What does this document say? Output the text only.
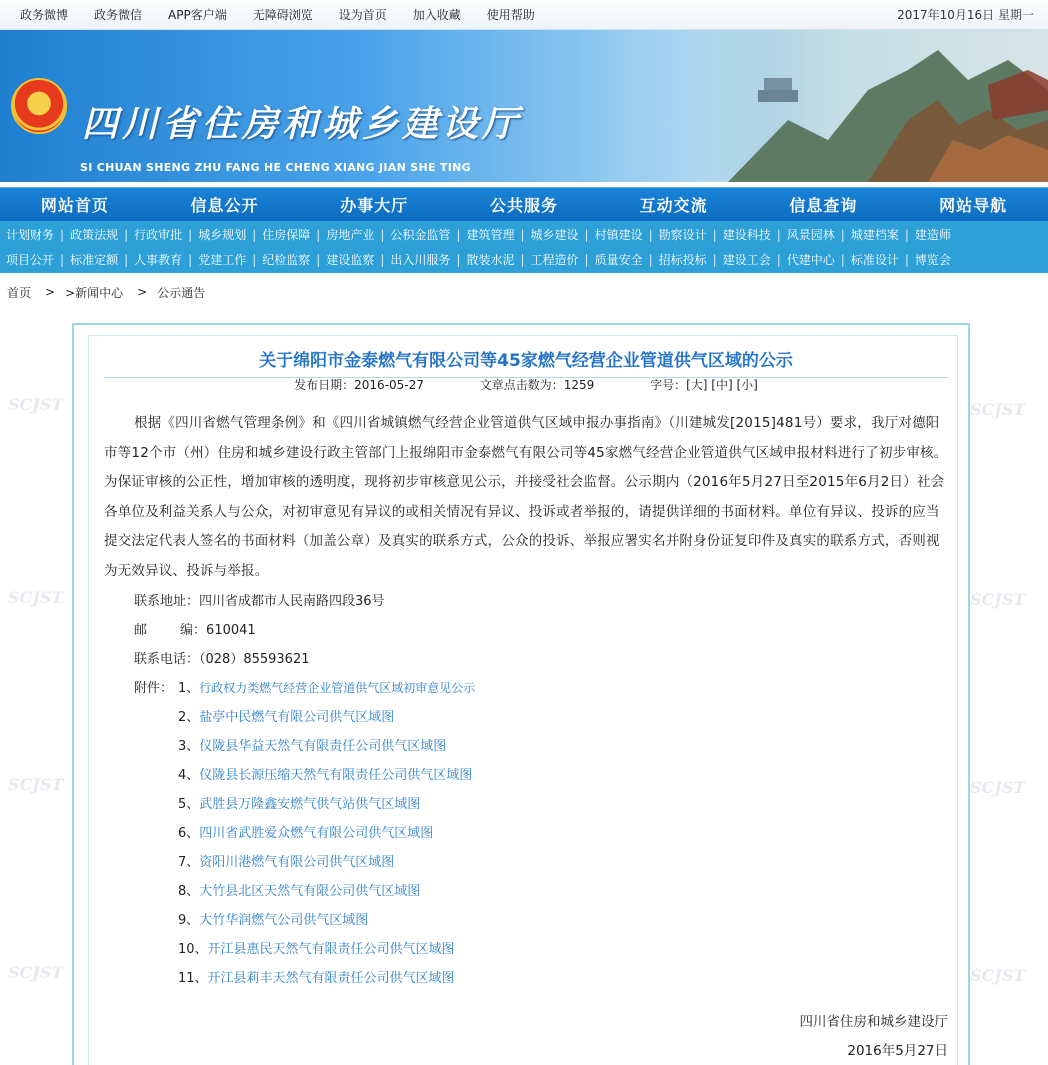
政务微博 政务微信 APP客户端 无障碍浏览 设为首页 加入收藏 使用帮助	2017年10月16日 星期一
四川省住房和城乡建设厅
SI CHUAN SHENG ZHU FANG HE CHENG XIANG JIAN SHE TING
网站首页	信息公开	办事大厅	公共服务	互动交流	信息查询	网站导航
计划财务 | 政策法规 | 行政审批 | 城乡规划 | 住房保障 | 房地产业 | 公积金监管 | 建筑管理 | 城乡建设 | 村镇建设 | 勘察设计 | 建设科技 | 风景园林 | 城建档案 | 建造师
项目公开 | 标准定额 | 人事教育 | 党建工作 | 纪检监察 | 建设监察 | 出入川服务 | 散装水泥 | 工程造价 | 质量安全 | 招标投标 | 建设工会 | 代建中心 | 标准设计 | 博览会
首页 > >新闻中心 > 公示通告
SCJST	SCJST
SCJST	SCJST
SCJST	SCJST
SCJST	SCJST
关于绵阳市金泰燃气有限公司等45家燃气经营企业管道供气区域的公示
发布日期：2016-05-27	文章点击数为：1259	字号：[大] [中] [小]
根据《四川省燃气管理条例》和《四川省城镇燃气经营企业管道供气区域申报办事指南》（川建城发[2015]481号）要求，我厅对德阳市等12个市（州）住房和城乡建设行政主管部门上报绵阳市金泰燃气有限公司等45家燃气经营企业管道供气区域申报材料进行了初步审核。为保证审核的公正性，增加审核的透明度，现将初步审核意见公示，并接受社会监督。公示期内（2016年5月27日至2015年6月2日）社会各单位及利益关系人与公众，对初审意见有异议的或相关情况有异议、投诉或者举报的，请提供详细的书面材料。单位有异议、投诉的应当提交法定代表人签名的书面材料（加盖公章）及真实的联系方式，公众的投诉、举报应署实名并附身份证复印件及真实的联系方式，否则视为无效异议、投诉与举报。
联系地址：四川省成都市人民南路四段36号
邮        编：610041
联系电话：（028）85593621
附件： 1、行政权力类燃气经营企业管道供气区域初审意见公示
2、盐亭中民燃气有限公司供气区域图
3、仪陇县华益天然气有限责任公司供气区域图
4、仪陇县长源压缩天然气有限责任公司供气区域图
5、武胜县万隆鑫安燃气供气站供气区域图
6、四川省武胜爱众燃气有限公司供气区域图
7、资阳川港燃气有限公司供气区域图
8、大竹县北区天然气有限公司供气区域图
9、大竹华润燃气公司供气区域图
10、开江县惠民天然气有限责任公司供气区域图
11、开江县莉丰天然气有限责任公司供气区域图
四川省住房和城乡建设厅
2016年5月27日
